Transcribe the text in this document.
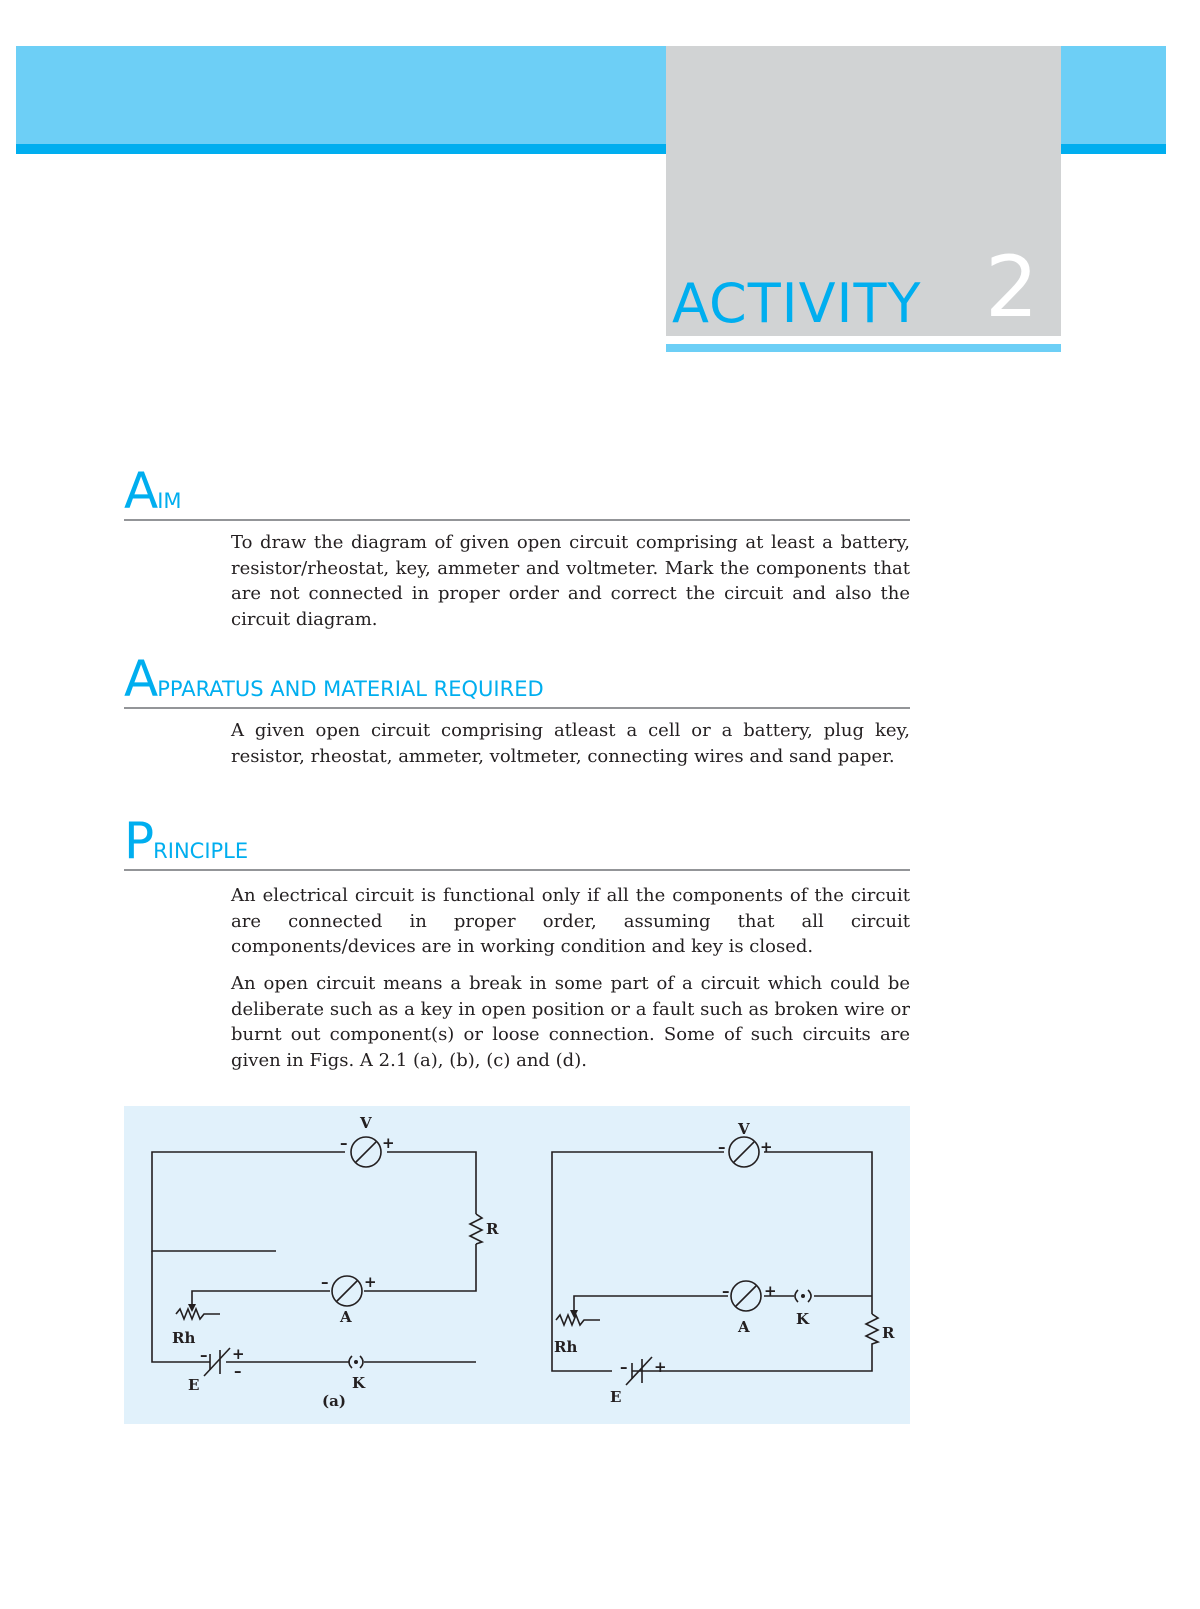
ACTIVITY 2
AIM

To draw the diagram of given open circuit comprising at least a battery, resistor/rheostat, key, ammeter and voltmeter. Mark the components that are not connected in proper order and correct the circuit and also the circuit diagram.

APPARATUS AND MATERIAL REQUIRED

A given open circuit comprising atleast a cell or a battery, plug key, resistor, rheostat, ammeter, voltmeter, connecting wires and sand paper.

PRINCIPLE

An electrical circuit is functional only if all the components of the circuit are connected in proper order, assuming that all circuit components/devices are in working condition and key is closed.

An open circuit means a break in some part of a circuit which could be deliberate such as a key in open position or a fault such as broken wire or burnt out component(s) or loose connection. Some of such circuits are given in Figs. A 2.1 (a), (b), (c) and (d).

V
– +
R
– +
A
Rh
– +
–
E	K
(a)
V
– +
– +
A	K
R
Rh
– +
E
